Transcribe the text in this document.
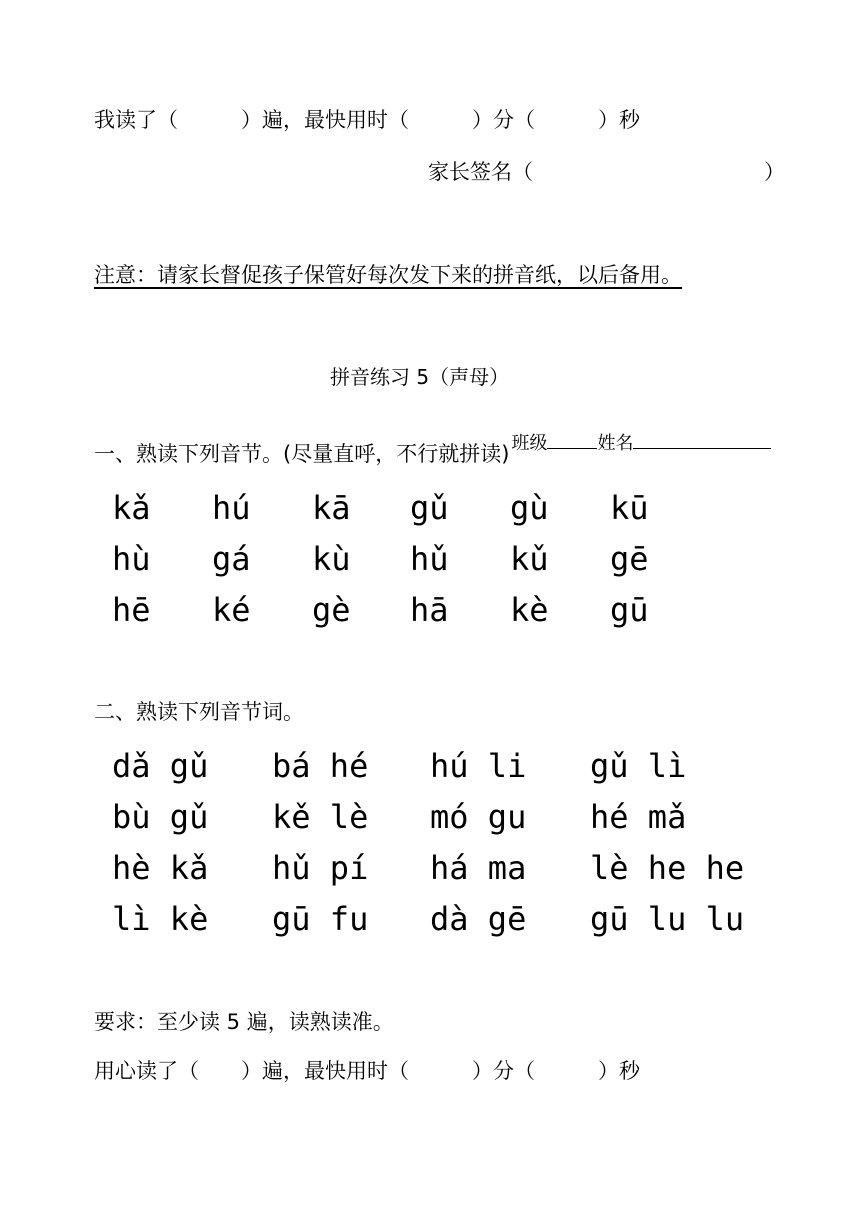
我读了（　　　）遍，最快用时（　　　）分（　　　）秒
家长签名（　　　　　　　　　　　）
注意：请家长督促孩子保管好每次发下来的拼音纸，以后备用。
拼音练习 5（声母）

班级	姓名

一、熟读下列音节。(尽量直呼，不行就拼读)
kǎ hú kā gǔ gù kū
hù gá kù hǔ kǔ gē
hē ké gè hā kè gū
二、熟读下列音节词。
dǎ gǔ bá hé hú li gǔ lì
bù gǔ kě lè mó gu hé mǎ
hè kǎ hǔ pí há ma lè he he
lì kè gū fu dà gē gū lu lu
要求：至少读 5 遍，读熟读准。
用心读了（　　）遍，最快用时（　　　）分（　　　）秒
